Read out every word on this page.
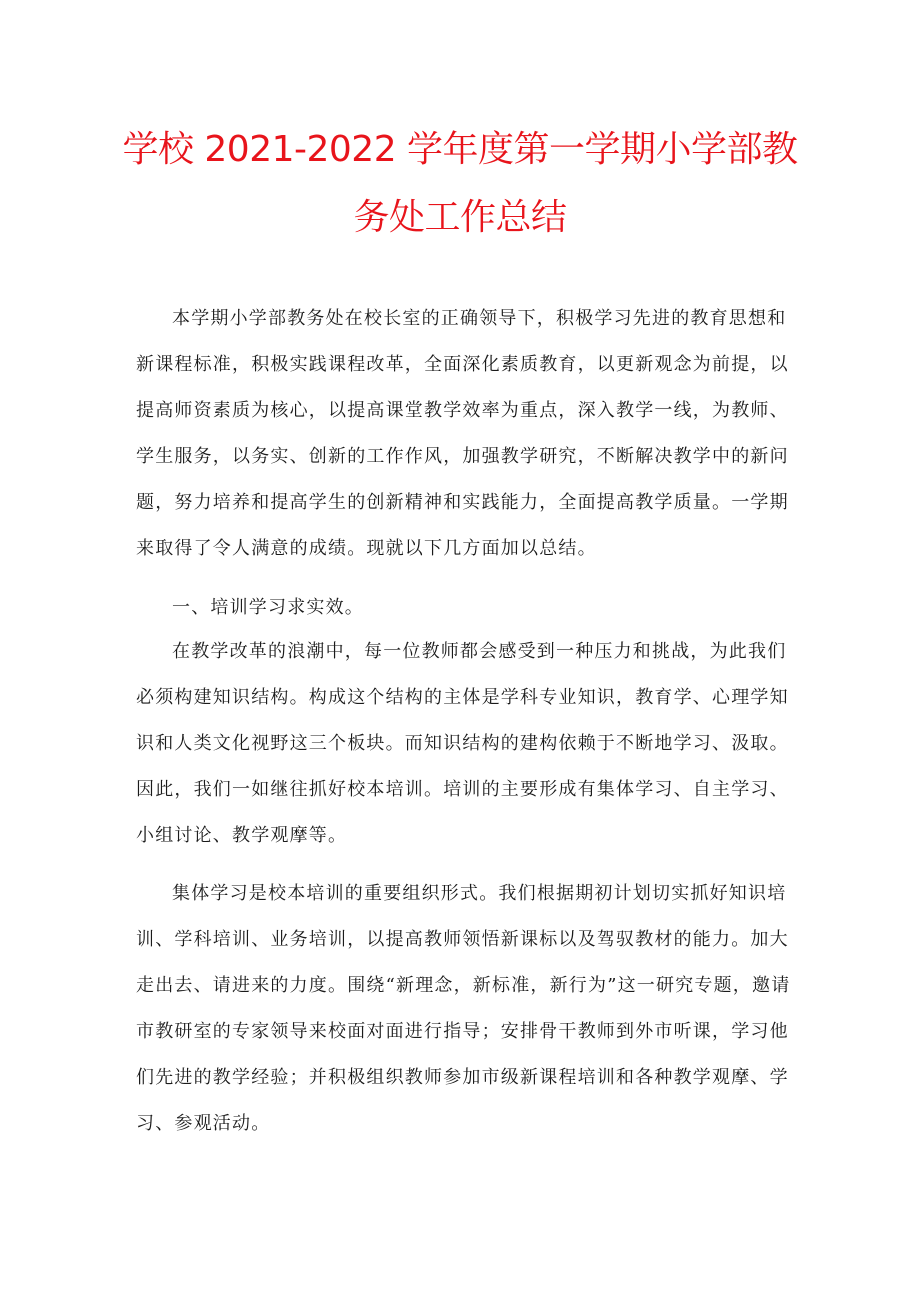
学校 2021-2022 学年度第一学期小学部教
务处工作总结

本学期小学部教务处在校长室的正确领导下，积极学习先进的教育思想和新课程标准，积极实践课程改革，全面深化素质教育，以更新观念为前提，以提高师资素质为核心，以提高课堂教学效率为重点，深入教学一线，为教师、学生服务，以务实、创新的工作作风，加强教学研究，不断解决教学中的新问题，努力培养和提高学生的创新精神和实践能力，全面提高教学质量。一学期来取得了令人满意的成绩。现就以下几方面加以总结。

一、培训学习求实效。

在教学改革的浪潮中，每一位教师都会感受到一种压力和挑战，为此我们必须构建知识结构。构成这个结构的主体是学科专业知识，教育学、心理学知识和人类文化视野这三个板块。而知识结构的建构依赖于不断地学习、汲取。因此，我们一如继往抓好校本培训。培训的主要形成有集体学习、自主学习、小组讨论、教学观摩等。

集体学习是校本培训的重要组织形式。我们根据期初计划切实抓好知识培训、学科培训、业务培训，以提高教师领悟新课标以及驾驭教材的能力。加大走出去、请进来的力度。围绕“新理念，新标准，新行为”这一研究专题，邀请市教研室的专家领导来校面对面进行指导；安排骨干教师到外市听课，学习他们先进的教学经验；并积极组织教师参加市级新课程培训和各种教学观摩、学习、参观活动。
